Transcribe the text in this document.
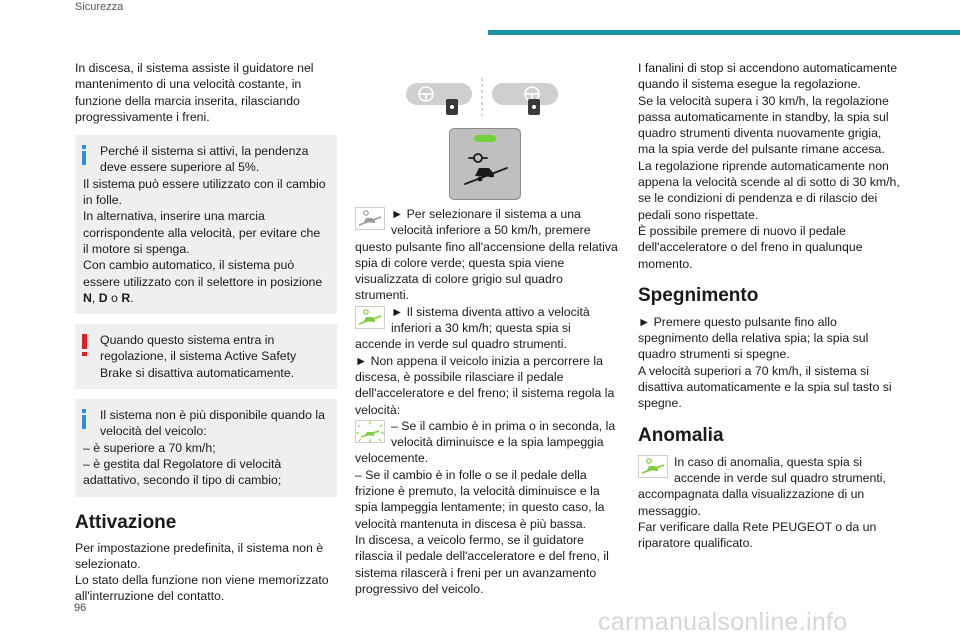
Sicurezza

In discesa, il sistema assiste il guidatore nel mantenimento di una velocità costante, in funzione della marcia inserita, rilasciando progressivamente i freni.

Perché il sistema si attivi, la pendenza deve essere superiore al 5%.

Il sistema può essere utilizzato con il cambio in folle.

In alternativa, inserire una marcia corrispondente alla velocità, per evitare che il motore si spenga.

Con cambio automatico, il sistema può essere utilizzato con il selettore in posizione N, D o R.

Quando questo sistema entra in regolazione, il sistema Active Safety Brake si disattiva automaticamente.

Il sistema non è più disponibile quando la velocità del veicolo:

– è superiore a 70 km/h;

– è gestita dal Regolatore di velocità adattativo, secondo il tipo di cambio;

Attivazione

Per impostazione predefinita, il sistema non è selezionato.

Lo stato della funzione non viene memorizzato all'interruzione del contatto.

► Per selezionare il sistema a una velocità inferiore a 50 km/h, premere questo pulsante fino all'accensione della relativa spia di colore verde; questa spia viene visualizzata di colore grigio sul quadro strumenti.

► Il sistema diventa attivo a velocità inferiori a 30 km/h; questa spia si accende in verde sul quadro strumenti.

► Non appena il veicolo inizia a percorrere la discesa, è possibile rilasciare il pedale dell'acceleratore e del freno; il sistema regola la velocità:

– Se il cambio è in prima o in seconda, la velocità diminuisce e la spia lampeggia velocemente.

– Se il cambio è in folle o se il pedale della frizione è premuto, la velocità diminuisce e la spia lampeggia lentamente; in questo caso, la velocità mantenuta in discesa è più bassa.

In discesa, a veicolo fermo, se il guidatore rilascia il pedale dell'acceleratore e del freno, il sistema rilascerà i freni per un avanzamento progressivo del veicolo.

I fanalini di stop si accendono automaticamente quando il sistema esegue la regolazione.

Se la velocità supera i 30 km/h, la regolazione passa automaticamente in standby, la spia sul quadro strumenti diventa nuovamente grigia, ma la spia verde del pulsante rimane accesa.

La regolazione riprende automaticamente non appena la velocità scende al di sotto di 30 km/h, se le condizioni di pendenza e di rilascio dei pedali sono rispettate.

È possibile premere di nuovo il pedale dell'acceleratore o del freno in qualunque momento.

Spegnimento

► Premere questo pulsante fino allo spegnimento della relativa spia; la spia sul quadro strumenti si spegne.

A velocità superiori a 70 km/h, il sistema si disattiva automaticamente e la spia sul tasto si spegne.

Anomalia

In caso di anomalia, questa spia si accende in verde sul quadro strumenti, accompagnata dalla visualizzazione di un messaggio.

Far verificare dalla Rete PEUGEOT o da un riparatore qualificato.

96	carmanualsonline.info
